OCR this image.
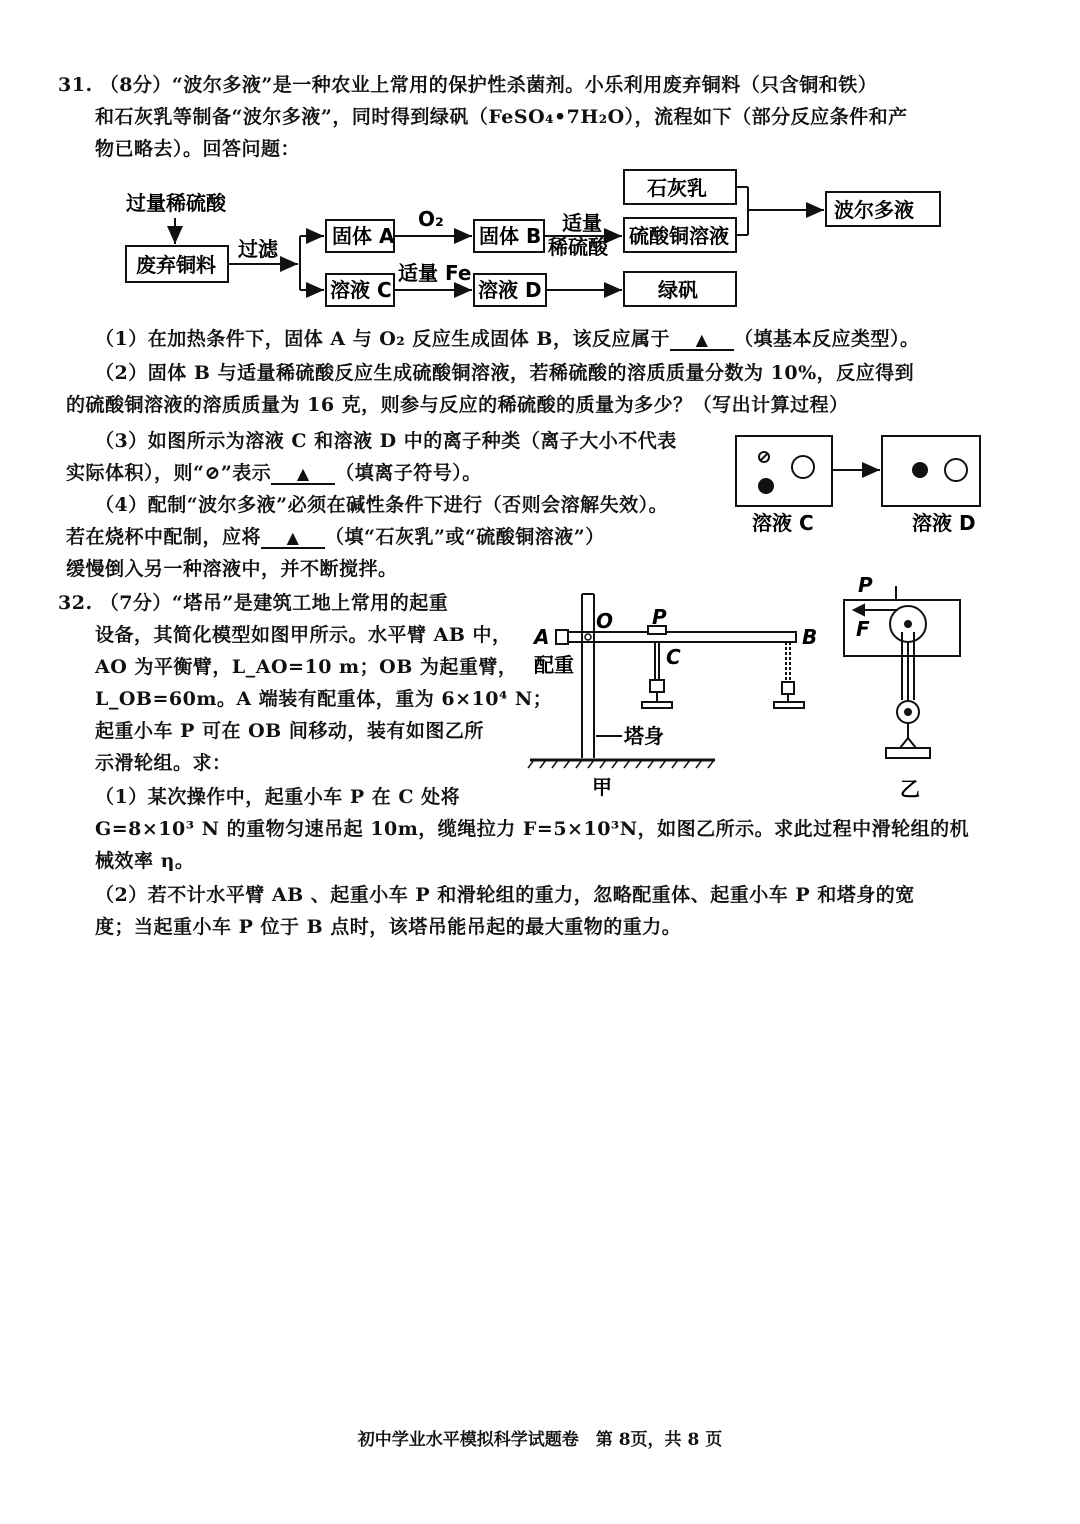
31. （8分）“波尔多液”是一种农业上常用的保护性杀菌剂。小乐利用废弃铜料（只含铜和铁）
和石灰乳等制备“波尔多液”，同时得到绿矾（FeSO₄•7H₂O），流程如下（部分反应条件和产
物已略去）。回答问题：
过量稀硫酸
废弃铜料
过滤
固体 A
O₂
固体 B
适量
稀硫酸 硫酸铜溶液
石灰乳
波尔多液
溶液 C
适量 Fe
溶液 D	绿矾
（1）在加热条件下，固体 A 与 O₂ 反应生成固体 B，该反应属于 ▲ （填基本反应类型）。
（2）固体 B 与适量稀硫酸反应生成硫酸铜溶液，若稀硫酸的溶质质量分数为 10%，反应得到
的硫酸铜溶液的溶质质量为 16 克，则参与反应的稀硫酸的质量为多少？（写出计算过程）
（3）如图所示为溶液 C 和溶液 D 中的离子种类（离子大小不代表
实际体积），则“⊘”表示 ▲ （填离子符号）。
（4）配制“波尔多液”必须在碱性条件下进行（否则会溶解失效）。
若在烧杯中配制，应将 ▲ （填“石灰乳”或“硫酸铜溶液”）
缓慢倒入另一种溶液中，并不断搅拌。
溶液 C	溶液 D
32. （7分）“塔吊”是建筑工地上常用的起重
设备，其简化模型如图甲所示。水平臂 AB 中，
AO 为平衡臂，L_AO=10 m；OB 为起重臂，
L_OB=60m。A 端装有配重体，重为 6×10⁴ N；
起重小车 P 可在 OB 间移动，装有如图乙所
示滑轮组。求：
（1）某次操作中，起重小车 P 在 C 处将
G=8×10³ N 的重物匀速吊起 10m，缆绳拉力 F=5×10³N，如图乙所示。求此过程中滑轮组的机
械效率 η。
（2）若不计水平臂 AB 、起重小车 P 和滑轮组的重力，忽略配重体、起重小车 P 和塔身的宽
度；当起重小车 P 位于 B 点时，该塔吊能吊起的最大重物的重力。
A
O P
B
C
配重
塔身
甲
P
F
乙
初中学业水平模拟科学试题卷　第 8页，共 8 页
